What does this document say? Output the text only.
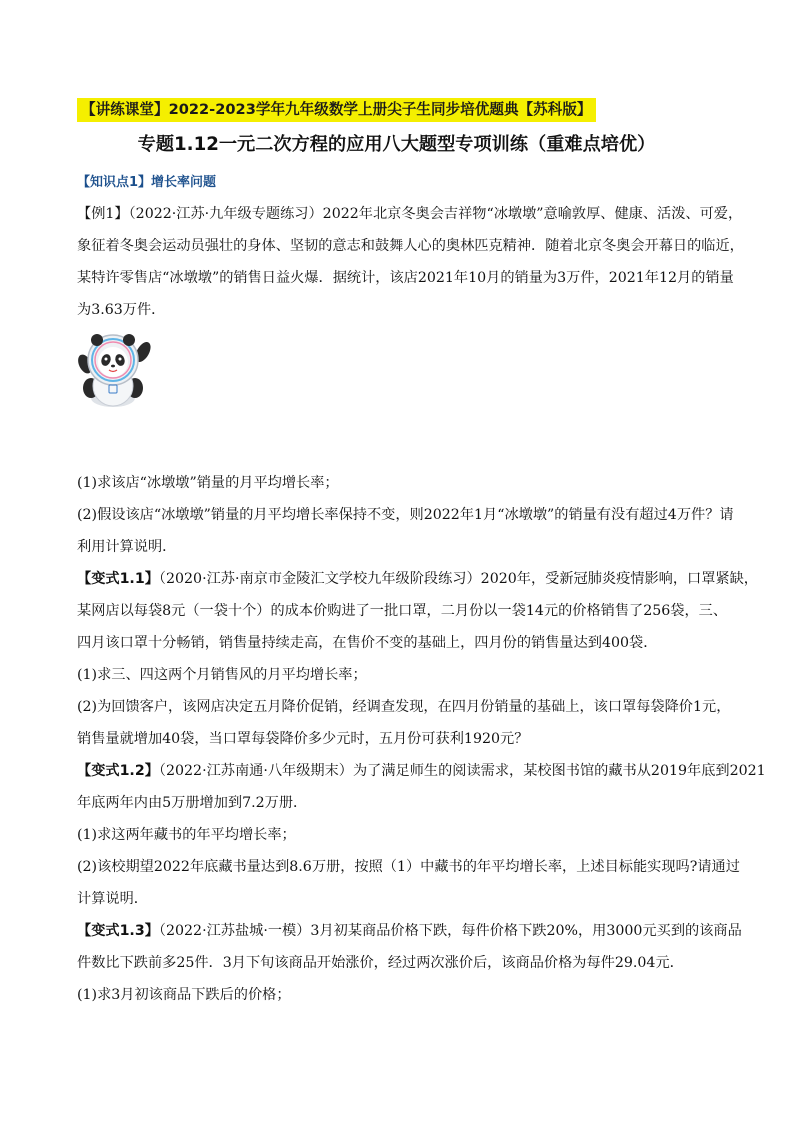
【讲练课堂】2022-2023学年九年级数学上册尖子生同步培优题典【苏科版】
专题1.12一元二次方程的应用八大题型专项训练（重难点培优）
【知识点1】增长率问题
【例1】（2022·江苏·九年级专题练习）2022年北京冬奥会吉祥物“冰墩墩”意喻敦厚、健康、活泼、可爱，
象征着冬奥会运动员强壮的身体、坚韧的意志和鼓舞人心的奥林匹克精神．随着北京冬奥会开幕日的临近，
某特许零售店“冰墩墩”的销售日益火爆．据统计，该店2021年10月的销量为3万件，2021年12月的销量
为3.63万件．
(1)求该店“冰墩墩”销量的月平均增长率；
(2)假设该店“冰墩墩”销量的月平均增长率保持不变，则2022年1月“冰墩墩”的销量有没有超过4万件？请
利用计算说明．
【变式1.1】（2020·江苏·南京市金陵汇文学校九年级阶段练习）2020年，受新冠肺炎疫情影响，口罩紧缺，
某网店以每袋8元（一袋十个）的成本价购进了一批口罩，二月份以一袋14元的价格销售了256袋，三、
四月该口罩十分畅销，销售量持续走高，在售价不变的基础上，四月份的销售量达到400袋．
(1)求三、四这两个月销售风的月平均增长率；
(2)为回馈客户，该网店决定五月降价促销，经调查发现，在四月份销量的基础上，该口罩每袋降价1元，
销售量就增加40袋，当口罩每袋降价多少元时，五月份可获利1920元？
【变式1.2】（2022·江苏南通·八年级期末）为了满足师生的阅读需求，某校图书馆的藏书从2019年底到2021
年底两年内由5万册增加到7.2万册．
(1)求这两年藏书的年平均增长率；
(2)该校期望2022年底藏书量达到8.6万册，按照（1）中藏书的年平均增长率，上述目标能实现吗?请通过
计算说明．
【变式1.3】（2022·江苏盐城·一模）3月初某商品价格下跌，每件价格下跌20%，用3000元买到的该商品
件数比下跌前多25件．3月下旬该商品开始涨价，经过两次涨价后，该商品价格为每件29.04元．
(1)求3月初该商品下跌后的价格；
